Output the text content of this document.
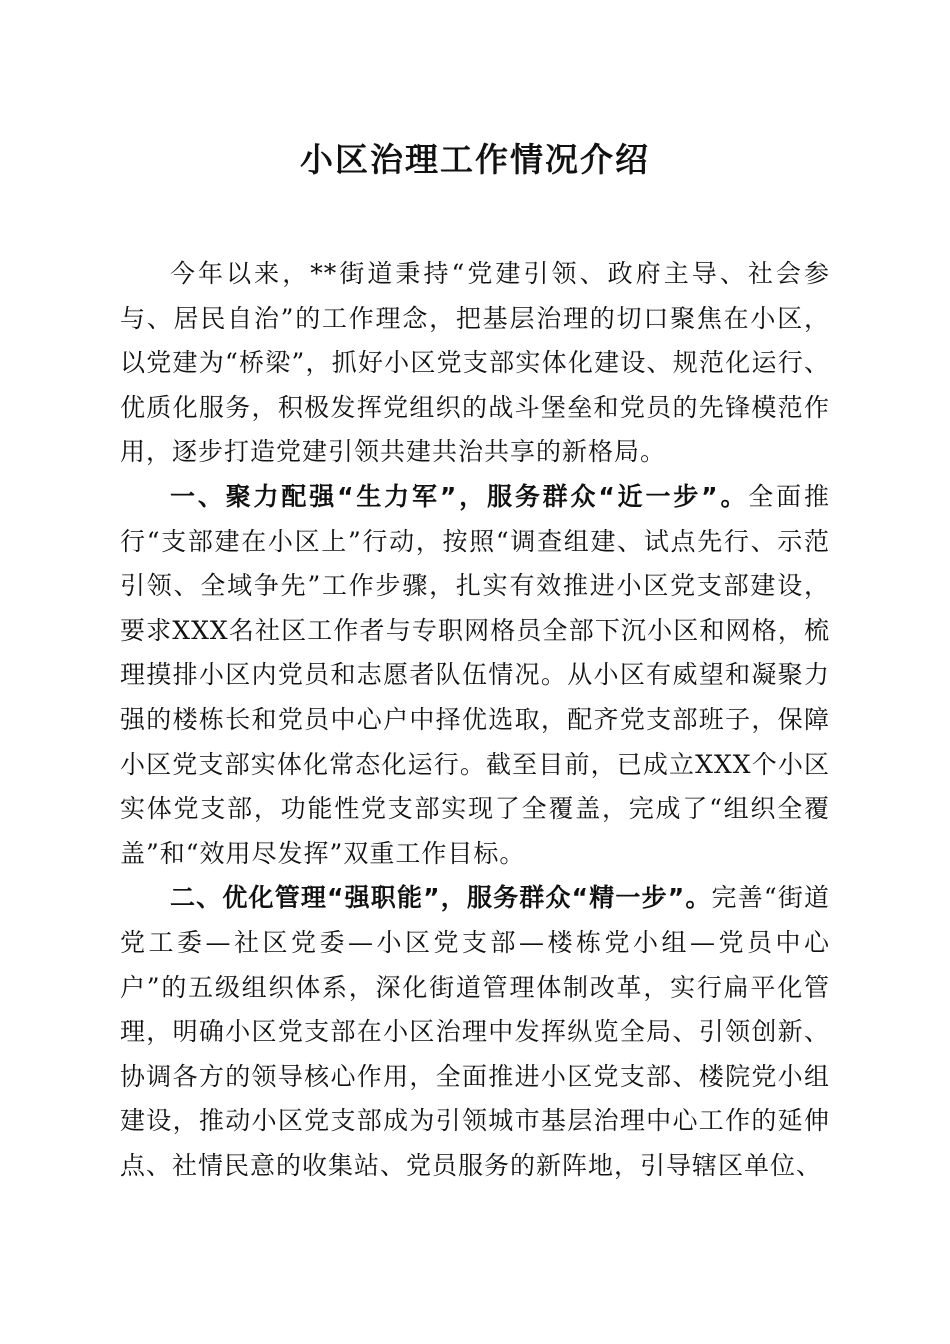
小区治理工作情况介绍

今年以来，**街道秉持“党建引领、政府主导、社会参与、居民自治”的工作理念，把基层治理的切口聚焦在小区，以党建为“桥梁”，抓好小区党支部实体化建设、规范化运行、优质化服务，积极发挥党组织的战斗堡垒和党员的先锋模范作用，逐步打造党建引领共建共治共享的新格局。

一、聚力配强“生力军”，服务群众“近一步”。全面推行“支部建在小区上”行动，按照“调查组建、试点先行、示范引领、全域争先”工作步骤，扎实有效推进小区党支部建设，要求XXX名社区工作者与专职网格员全部下沉小区和网格，梳理摸排小区内党员和志愿者队伍情况。从小区有威望和凝聚力强的楼栋长和党员中心户中择优选取，配齐党支部班子，保障小区党支部实体化常态化运行。截至目前，已成立XXX个小区实体党支部，功能性党支部实现了全覆盖，完成了“组织全覆盖”和“效用尽发挥”双重工作目标。

二、优化管理“强职能”，服务群众“精一步”。完善“街道党工委—社区党委—小区党支部—楼栋党小组—党员中心户”的五级组织体系，深化街道管理体制改革，实行扁平化管理，明确小区党支部在小区治理中发挥纵览全局、引领创新、协调各方的领导核心作用，全面推进小区党支部、楼院党小组建设，推动小区党支部成为引领城市基层治理中心工作的延伸点、社情民意的收集站、党员服务的新阵地，引导辖区单位、
